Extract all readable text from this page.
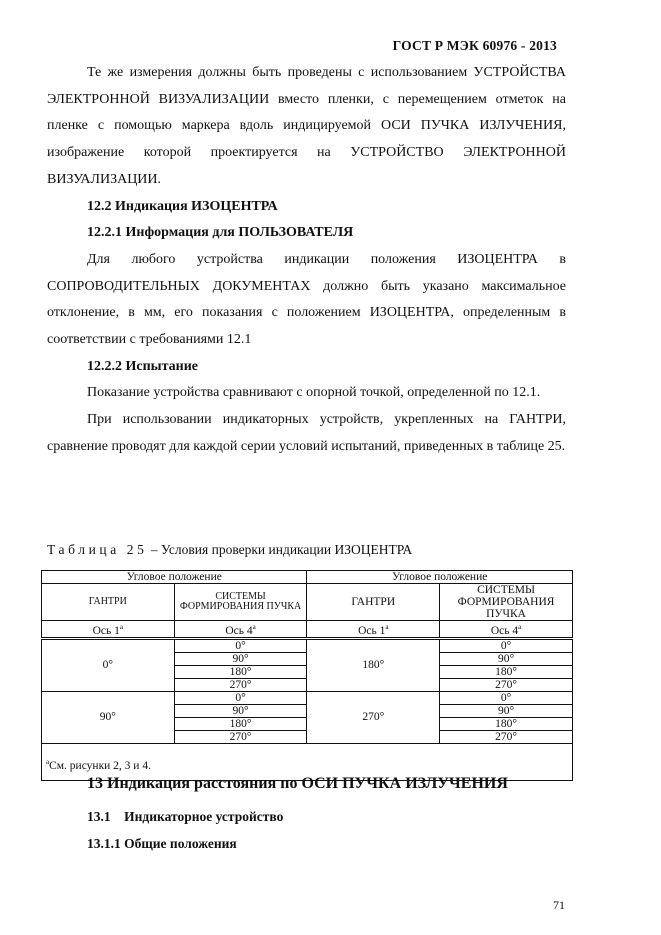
ГОСТ Р МЭК 60976 - 2013

Те же измерения должны быть проведены с использованием УСТРОЙСТВА ЭЛЕКТРОННОЙ ВИЗУАЛИЗАЦИИ вместо пленки, с перемещением отметок на пленке с помощью маркера вдоль индицируемой ОСИ ПУЧКА ИЗЛУЧЕНИЯ, изображение которой проектируется на УСТРОЙСТВО ЭЛЕКТРОННОЙ ВИЗУАЛИЗАЦИИ.

12.2 Индикация ИЗОЦЕНТРА

12.2.1 Информация для ПОЛЬЗОВАТЕЛЯ

Для любого устройства индикации положения ИЗОЦЕНТРА в СОПРОВОДИТЕЛЬНЫХ ДОКУМЕНТАХ должно быть указано максимальное отклонение, в мм, его показания с положением ИЗОЦЕНТРА, определенным в соответствии с требованиями 12.1

12.2.2 Испытание

Показание устройства сравнивают с опорной точкой, определенной по 12.1.

При использовании индикаторных устройств, укрепленных на ГАНТРИ, сравнение проводят для каждой серии условий испытаний, приведенных в таблице 25.

Таблица 25 – Условия проверки индикации ИЗОЦЕНТРА
Угловое положение		Угловое положение	
ГАНТРИ	СИСТЕМЫ ФОРМИРОВАНИЯ ПУЧКА	ГАНТРИ	СИСТЕМЫ ФОРМИРОВАНИЯ ПУЧКА
Ось 1$^a$	Ось 4$^a$	Ось 1$^a$	Ось 4$^a$
0°	0°	180°	0°
	90°		90°
	180°		180°
	270°		270°
90°	0°	270°	0°
	90°		90°
	180°		180°
	270°		270°
$^a$См. рисунки 2, 3 и 4.			
13 Индикация расстояния по ОСИ ПУЧКА ИЗЛУЧЕНИЯ
13.1    Индикаторное устройство
13.1.1 Общие положения
71
